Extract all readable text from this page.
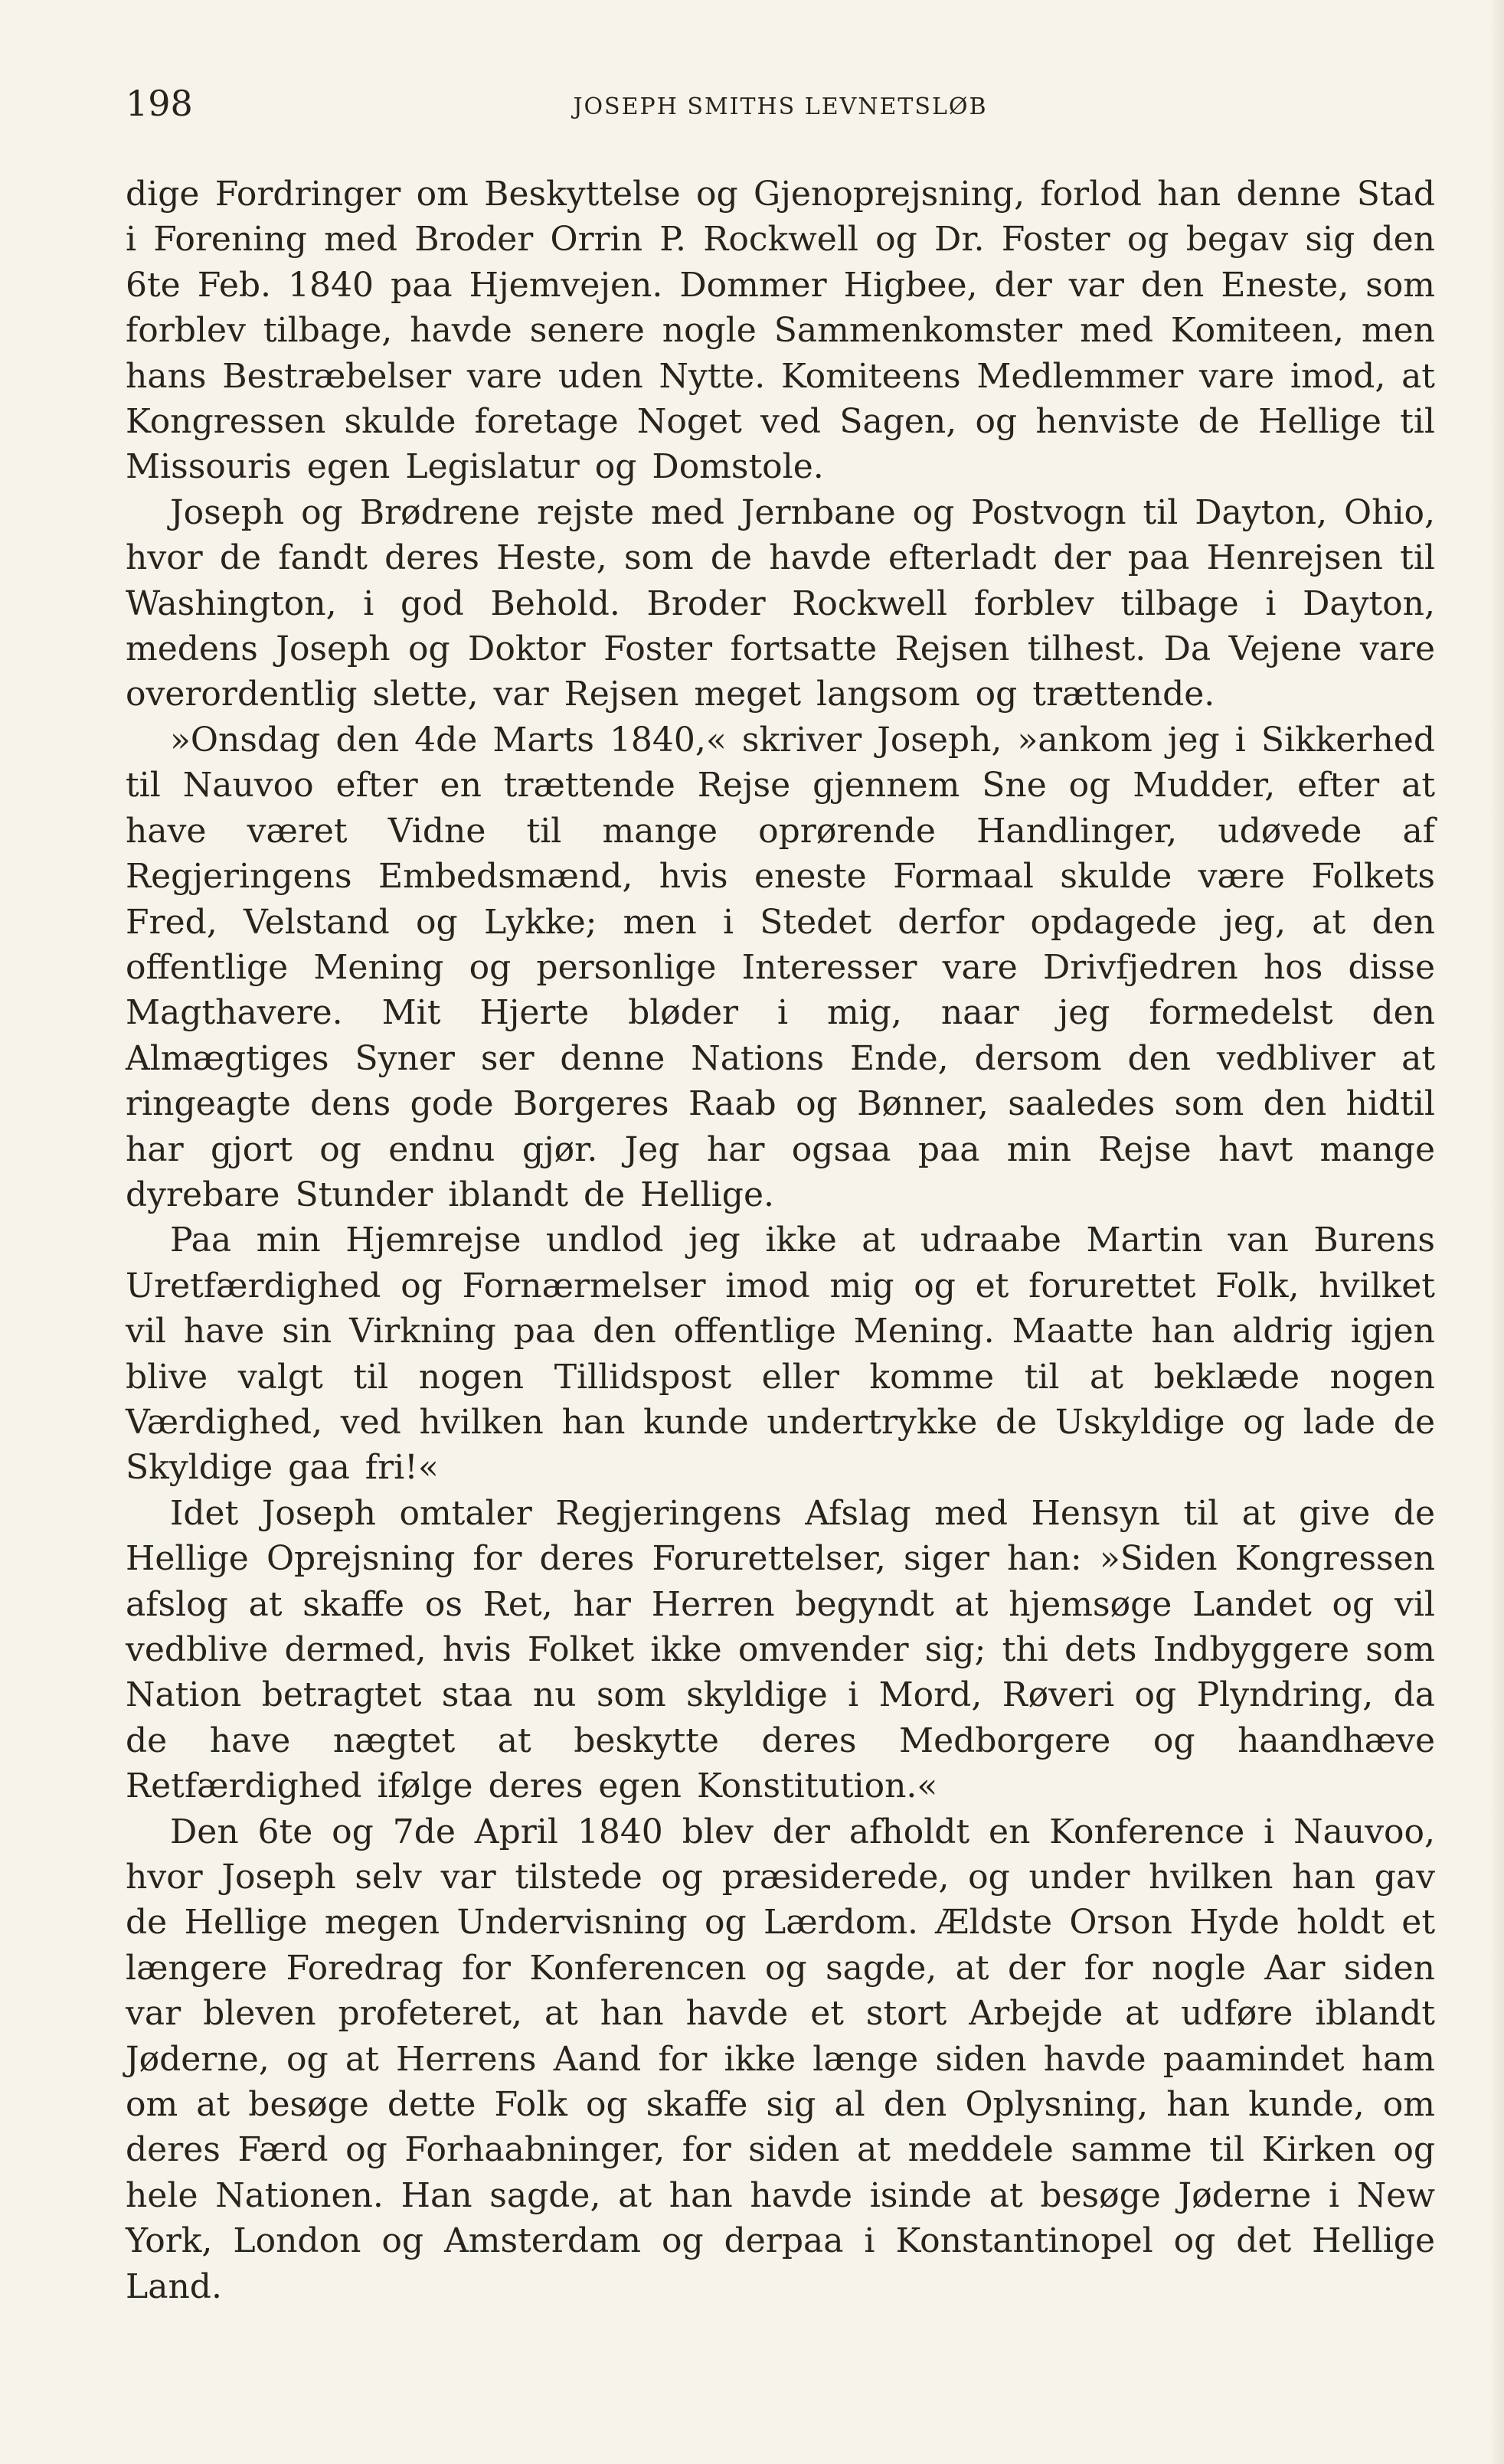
198	JOSEPH SMITHS LEVNETSLØB

dige Fordringer om Beskyttelse og Gjenoprejsning, forlod han denne Stad i Forening med Broder Orrin P. Rockwell og Dr. Foster og begav sig den 6te Feb. 1840 paa Hjemvejen. Dommer Higbee, der var den Eneste, som forblev tilbage, havde senere nogle Sammenkomster med Komiteen, men hans Bestræbelser vare uden Nytte. Komiteens Medlemmer vare imod, at Kongressen skulde foretage Noget ved Sagen, og henviste de Hellige til Missouris egen Legislatur og Domstole.

Joseph og Brødrene rejste med Jernbane og Postvogn til Dayton, Ohio, hvor de fandt deres Heste, som de havde efterladt der paa Henrejsen til Washington, i god Behold. Broder Rockwell forblev tilbage i Dayton, medens Joseph og Doktor Foster fortsatte Rejsen tilhest. Da Vejene vare overordentlig slette, var Rejsen meget langsom og trættende.

»Onsdag den 4de Marts 1840,« skriver Joseph, »ankom jeg i Sikkerhed til Nauvoo efter en trættende Rejse gjennem Sne og Mudder, efter at have været Vidne til mange oprørende Handlinger, udøvede af Regjeringens Embedsmænd, hvis eneste Formaal skulde være Folkets Fred, Velstand og Lykke; men i Stedet derfor opdagede jeg, at den offentlige Mening og personlige Interesser vare Drivfjedren hos disse Magthavere. Mit Hjerte bløder i mig, naar jeg formedelst den Almægtiges Syner ser denne Nations Ende, dersom den vedbliver at ringeagte dens gode Borgeres Raab og Bønner, saaledes som den hidtil har gjort og endnu gjør. Jeg har ogsaa paa min Rejse havt mange dyrebare Stunder iblandt de Hellige.

Paa min Hjemrejse undlod jeg ikke at udraabe Martin van Burens Uretfærdighed og Fornærmelser imod mig og et forurettet Folk, hvilket vil have sin Virkning paa den offentlige Mening. Maatte han aldrig igjen blive valgt til nogen Tillidspost eller komme til at beklæde nogen Værdighed, ved hvilken han kunde undertrykke de Uskyldige og lade de Skyldige gaa fri!«

Idet Joseph omtaler Regjeringens Afslag med Hensyn til at give de Hellige Oprejsning for deres Forurettelser, siger han: »Siden Kongressen afslog at skaffe os Ret, har Herren begyndt at hjemsøge Landet og vil vedblive dermed, hvis Folket ikke omvender sig; thi dets Indbyggere som Nation betragtet staa nu som skyldige i Mord, Røveri og Plyndring, da de have nægtet at beskytte deres Medborgere og haandhæve Retfærdighed ifølge deres egen Konstitution.«

Den 6te og 7de April 1840 blev der afholdt en Konference i Nauvoo, hvor Joseph selv var tilstede og præsiderede, og under hvilken han gav de Hellige megen Undervisning og Lærdom. Ældste Orson Hyde holdt et længere Foredrag for Konferencen og sagde, at der for nogle Aar siden var bleven profeteret, at han havde et stort Arbejde at udføre iblandt Jøderne, og at Herrens Aand for ikke længe siden havde paamindet ham om at besøge dette Folk og skaffe sig al den Oplysning, han kunde, om deres Færd og Forhaabninger, for siden at meddele samme til Kirken og hele Nationen. Han sagde, at han havde isinde at besøge Jøderne i New York, London og Amsterdam og derpaa i Konstantinopel og det Hellige Land.
